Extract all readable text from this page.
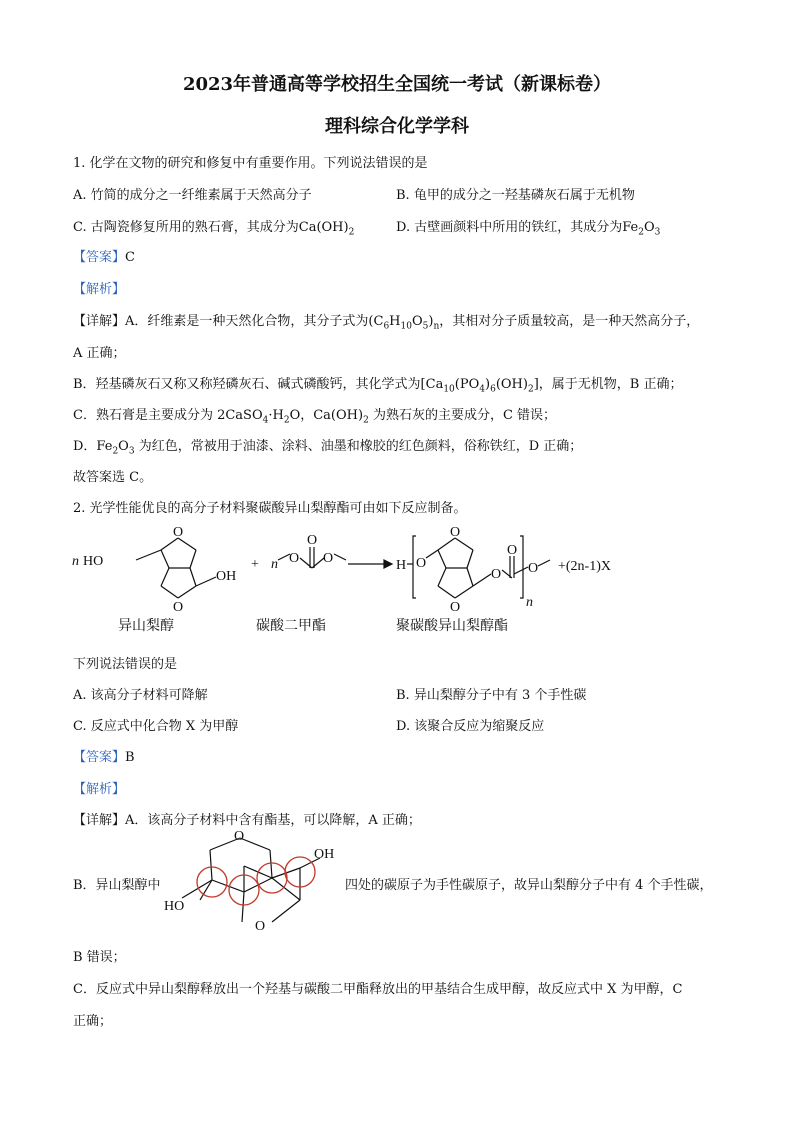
2023年普通高等学校招生全国统一考试（新课标卷）
理科综合化学学科
1. 化学在文物的研究和修复中有重要作用。下列说法错误的是
A. 竹简的成分之一纤维素属于天然高分子	B. 龟甲的成分之一羟基磷灰石属于无机物
C. 古陶瓷修复所用的熟石膏，其成分为$Ca(OH)_2$	D. 古壁画颜料中所用的铁红，其成分为$Fe_2O_3$
【答案】C
【解析】
【详解】A．纤维素是一种天然化合物，其分子式为$(C_6H_{10}O_5)_n$，其相对分子质量较高，是一种天然高分子，
A 正确；
B．羟基磷灰石又称又称羟磷灰石、碱式磷酸钙，其化学式为$[Ca_{10}(PO_4)_6(OH)_2]$，属于无机物，B 正确；
C．熟石膏是主要成分为 $2CaSO_4\cdot H_2O$，$Ca(OH)_2$ 为熟石灰的主要成分，C 错误；
D．$Fe_2O_3$ 为红色，常被用于油漆、涂料、油墨和橡胶的红色颜料，俗称铁红，D 正确；
故答案选 C。
2. 光学性能优良的高分子材料聚碳酸异山梨醇酯可由如下反应制备。
n HO
O
O
OH
+ n O
O
O	H O
O
O
O
O
O
n
+(2n-1)X
异山梨醇	碳酸二甲酯	聚碳酸异山梨醇酯
下列说法错误的是
A. 该高分子材料可降解	B. 异山梨醇分子中有 3 个手性碳
C. 反应式中化合物 X 为甲醇	D. 该聚合反应为缩聚反应
【答案】B
【解析】
【详解】A．该高分子材料中含有酯基，可以降解，A 正确；
B．异山梨醇中
O
O
OH
HO
四处的碳原子为手性碳原子，故异山梨醇分子中有 4 个手性碳，
B 错误；
C．反应式中异山梨醇释放出一个羟基与碳酸二甲酯释放出的甲基结合生成甲醇，故反应式中 X 为甲醇，C
正确；
